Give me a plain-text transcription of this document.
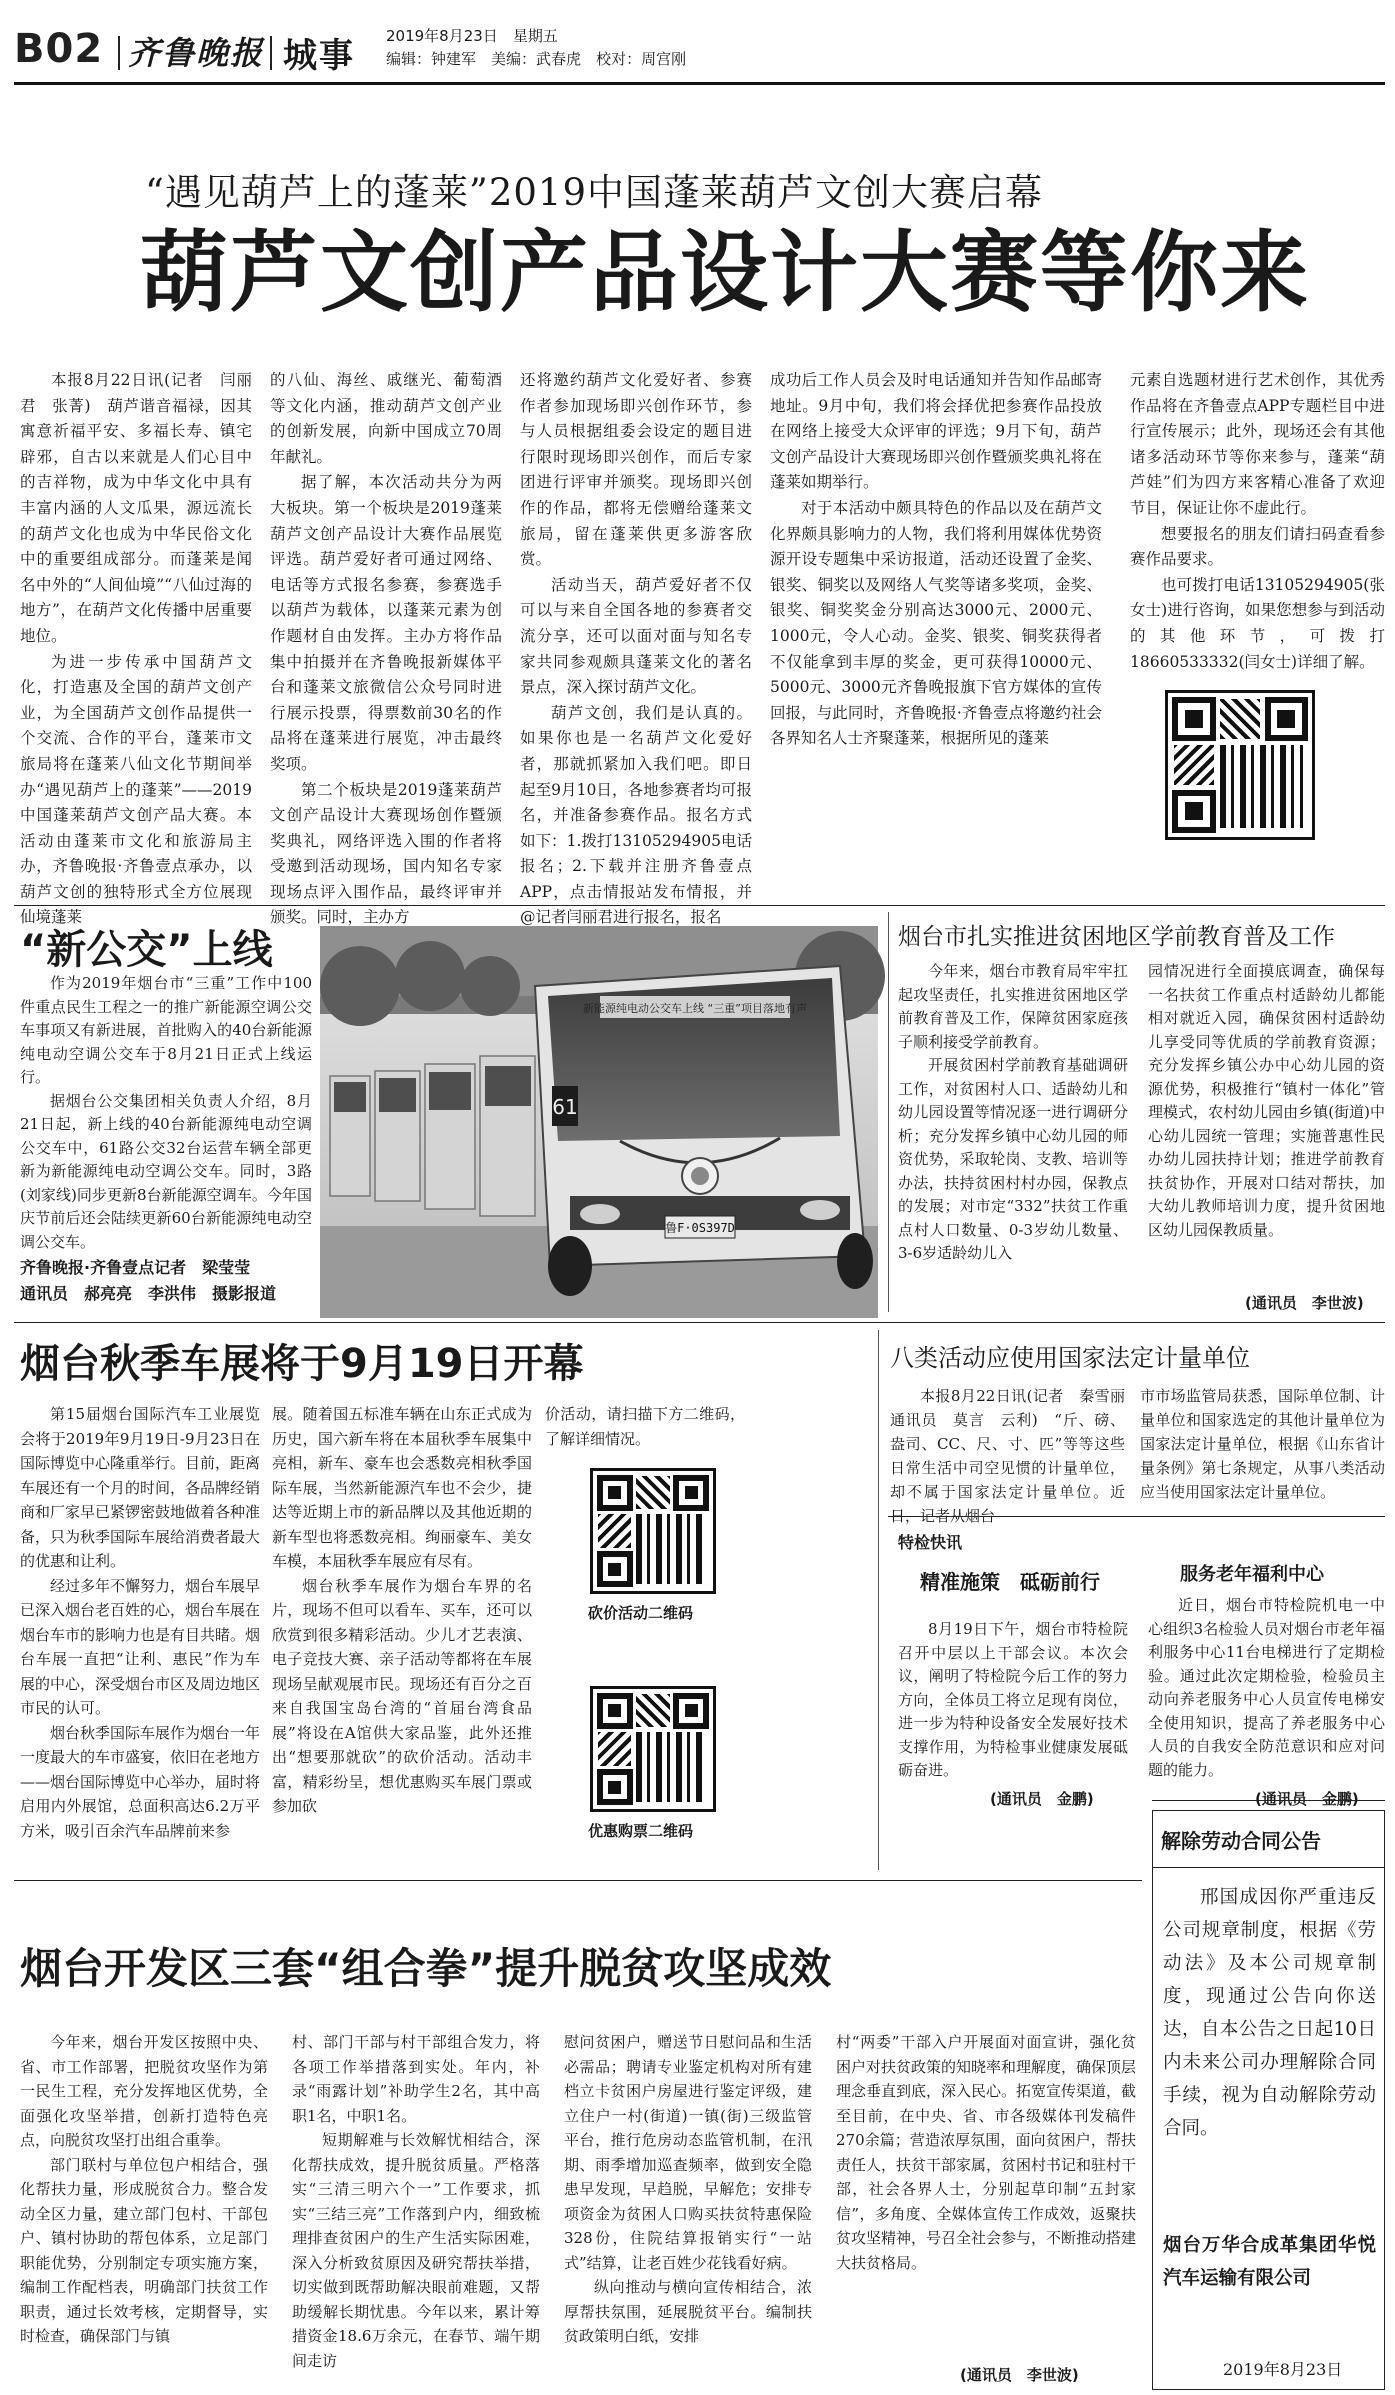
B02 齐鲁晚报 城事 2019年8月23日　 星期五
编辑：钟建军　 美编：武春虎　 校对：周宫刚
“遇见葫芦上的蓬莱”2019中国蓬莱葫芦文创大赛启幕
葫芦文创产品设计大赛等你来

本报8月22日讯(记者　闫丽君　张菁)　葫芦谐音福禄，因其寓意祈福平安、多福长寿、镇宅辟邪，自古以来就是人们心目中的吉祥物，成为中华文化中具有丰富内涵的人文瓜果，源远流长的葫芦文化也成为中华民俗文化中的重要组成部分。而蓬莱是闻名中外的“人间仙境”“八仙过海的地方”，在葫芦文化传播中居重要地位。

为进一步传承中国葫芦文化，打造惠及全国的葫芦文创产业，为全国葫芦文创作品提供一个交流、合作的平台，蓬莱市文旅局将在蓬莱八仙文化节期间举办“遇见葫芦上的蓬莱”——2019中国蓬莱葫芦文创产品大赛。本活动由蓬莱市文化和旅游局主办，齐鲁晚报·齐鲁壹点承办，以葫芦文创的独特形式全方位展现仙境蓬莱

的八仙、海丝、戚继光、葡萄酒等文化内涵，推动葫芦文创产业的创新发展，向新中国成立70周年献礼。

据了解，本次活动共分为两大板块。第一个板块是2019蓬莱葫芦文创产品设计大赛作品展览评选。葫芦爱好者可通过网络、电话等方式报名参赛，参赛选手以葫芦为载体，以蓬莱元素为创作题材自由发挥。主办方将作品集中拍摄并在齐鲁晚报新媒体平台和蓬莱文旅微信公众号同时进行展示投票，得票数前30名的作品将在蓬莱进行展览，冲击最终奖项。

第二个板块是2019蓬莱葫芦文创产品设计大赛现场创作暨颁奖典礼，网络评选入围的作者将受邀到活动现场，国内知名专家现场点评入围作品，最终评审并颁奖。同时，主办方

还将邀约葫芦文化爱好者、参赛作者参加现场即兴创作环节，参与人员根据组委会设定的题目进行限时现场即兴创作，而后专家团进行评审并颁奖。现场即兴创作的作品，都将无偿赠给蓬莱文旅局，留在蓬莱供更多游客欣赏。

活动当天，葫芦爱好者不仅可以与来自全国各地的参赛者交流分享，还可以面对面与知名专家共同参观颇具蓬莱文化的著名景点，深入探讨葫芦文化。

葫芦文创，我们是认真的。如果你也是一名葫芦文化爱好者，那就抓紧加入我们吧。即日起至9月10日，各地参赛者均可报名，并准备参赛作品。报名方式如下：1.拨打13105294905电话报名；2.下载并注册齐鲁壹点APP，点击情报站发布情报，并@记者闫丽君进行报名，报名

成功后工作人员会及时电话通知并告知作品邮寄地址。9月中旬，我们将会择优把参赛作品投放在网络上接受大众评审的评选；9月下旬，葫芦文创产品设计大赛现场即兴创作暨颁奖典礼将在蓬莱如期举行。

对于本活动中颇具特色的作品以及在葫芦文化界颇具影响力的人物，我们将利用媒体优势资源开设专题集中采访报道，活动还设置了金奖、银奖、铜奖以及网络人气奖等诸多奖项，金奖、银奖、铜奖奖金分别高达3000元、2000元、1000元，令人心动。金奖、银奖、铜奖获得者不仅能拿到丰厚的奖金，更可获得10000元、5000元、3000元齐鲁晚报旗下官方媒体的宣传回报，与此同时，齐鲁晚报·齐鲁壹点将邀约社会各界知名人士齐聚蓬莱，根据所见的蓬莱

元素自选题材进行艺术创作，其优秀作品将在齐鲁壹点APP专题栏目中进行宣传展示；此外，现场还会有其他诸多活动环节等你来参与，蓬莱“葫芦娃”们为四方来客精心准备了欢迎节目，保证让你不虚此行。

想要报名的朋友们请扫码查看参赛作品要求。

也可拨打电话13105294905(张女士)进行咨询，如果您想参与到活动的其他环节，可拨打18660533332(闫女士)详细了解。

“新公交”上线

作为2019年烟台市“三重”工作中100件重点民生工程之一的推广新能源空调公交车事项又有新进展，首批购入的40台新能源纯电动空调公交车于8月21日正式上线运行。

据烟台公交集团相关负责人介绍，8月21日起，新上线的40台新能源纯电动空调公交车中，61路公交32台运营车辆全部更新为新能源纯电动空调公交车。同时，3路(刘家线)同步更新8台新能源空调车。今年国庆节前后还会陆续更新60台新能源纯电动空调公交车。

齐鲁晚报·齐鲁壹点记者　梁莹莹
通讯员　郝亮亮　李洪伟　摄影报道
新能源纯电动公交车上线 “三重”项目落地有声
61
鲁F·0S397D
烟台市扎实推进贫困地区学前教育普及工作

今年来，烟台市教育局牢牢扛起攻坚责任，扎实推进贫困地区学前教育普及工作，保障贫困家庭孩子顺利接受学前教育。

开展贫困村学前教育基础调研工作，对贫困村人口、适龄幼儿和幼儿园设置等情况逐一进行调研分析；充分发挥乡镇中心幼儿园的师资优势，采取轮岗、支教、培训等办法，扶持贫困村村办园，保教点的发展；对市定“332”扶贫工作重点村人口数量、0-3岁幼儿数量、3-6岁适龄幼儿入

园情况进行全面摸底调查，确保每一名扶贫工作重点村适龄幼儿都能相对就近入园，确保贫困村适龄幼儿享受同等优质的学前教育资源；充分发挥乡镇公办中心幼儿园的资源优势，积极推行“镇村一体化”管理模式，农村幼儿园由乡镇(街道)中心幼儿园统一管理；实施普惠性民办幼儿园扶持计划；推进学前教育扶贫协作，开展对口结对帮扶，加大幼儿教师培训力度，提升贫困地区幼儿园保教质量。

(通讯员　李世波)
烟台秋季车展将于9月19日开幕

第15届烟台国际汽车工业展览会将于2019年9月19日-9月23日在国际博览中心隆重举行。目前，距离车展还有一个月的时间，各品牌经销商和厂家早已紧锣密鼓地做着各种准备，只为秋季国际车展给消费者最大的优惠和让利。

经过多年不懈努力，烟台车展早已深入烟台老百姓的心，烟台车展在烟台车市的影响力也是有目共睹。烟台车展一直把“让利、惠民”作为车展的中心，深受烟台市区及周边地区市民的认可。

烟台秋季国际车展作为烟台一年一度最大的车市盛宴，依旧在老地方——烟台国际博览中心举办，届时将启用内外展馆，总面积高达6.2万平方米，吸引百余汽车品牌前来参

展。随着国五标准车辆在山东正式成为历史，国六新车将在本届秋季车展集中亮相，新车、豪车也会悉数亮相秋季国际车展，当然新能源汽车也不会少，捷达等近期上市的新品牌以及其他近期的新车型也将悉数亮相。绚丽豪车、美女车模，本届秋季车展应有尽有。

烟台秋季车展作为烟台车界的名片，现场不但可以看车、买车，还可以欣赏到很多精彩活动。少儿才艺表演、电子竞技大赛、亲子活动等都将在车展现场呈献观展市民。现场还有百分之百来自我国宝岛台湾的“首届台湾食品展”将设在A馆供大家品鉴，此外还推出“想要那就砍”的砍价活动。活动丰富，精彩纷呈，想优惠购买车展门票或参加砍

价活动，请扫描下方二维码，了解详细情况。

砍价活动二维码
优惠购票二维码
八类活动应使用国家法定计量单位

本报8月22日讯(记者　秦雪丽　通讯员　莫言　云利)　“斤、磅、盎司、CC、尺、寸、匹”等等这些日常生活中司空见惯的计量单位，却不属于国家法定计量单位。近日，记者从烟台

市市场监管局获悉，国际单位制、计量单位和国家选定的其他计量单位为国家法定计量单位，根据《山东省计量条例》第七条规定，从事八类活动应当使用国家法定计量单位。

特检快讯
精准施策　砥砺前行

8月19日下午，烟台市特检院召开中层以上干部会议。本次会议，阐明了特检院今后工作的努力方向，全体员工将立足现有岗位，进一步为特种设备安全发展好技术支撑作用，为特检事业健康发展砥砺奋进。

(通讯员　金鹏)
服务老年福利中心

近日，烟台市特检院机电一中心组织3名检验人员对烟台市老年福利服务中心11台电梯进行了定期检验。通过此次定期检验，检验员主动向养老服务中心人员宣传电梯安全使用知识，提高了养老服务中心人员的自我安全防范意识和应对问题的能力。

(通讯员　金鹏)
烟台开发区三套“组合拳”提升脱贫攻坚成效

今年来，烟台开发区按照中央、省、市工作部署，把脱贫攻坚作为第一民生工程，充分发挥地区优势，全面强化攻坚举措，创新打造特色亮点，向脱贫攻坚打出组合重拳。

部门联村与单位包户相结合，强化帮扶力量，形成脱贫合力。整合发动全区力量，建立部门包村、干部包户、镇村协助的帮包体系，立足部门职能优势，分别制定专项实施方案，编制工作配档表，明确部门扶贫工作职责，通过长效考核，定期督导，实时检查，确保部门与镇

村、部门干部与村干部组合发力，将各项工作举措落到实处。年内，补录“雨露计划”补助学生2名，其中高职1名，中职1名。

短期解难与长效解忧相结合，深化帮扶成效，提升脱贫质量。严格落实“三清三明六个一”工作要求，抓实“三结三亮”工作落到户内，细致梳理排查贫困户的生产生活实际困难，深入分析致贫原因及研究帮扶举措，切实做到既帮助解决眼前难题，又帮助缓解长期忧患。今年以来，累计筹措资金18.6万余元，在春节、端午期间走访

慰问贫困户，赠送节日慰问品和生活必需品；聘请专业鉴定机构对所有建档立卡贫困户房屋进行鉴定评级，建立住户一村(街道)一镇(街)三级监管平台，推行危房动态监管机制，在汛期、雨季增加巡查频率，做到安全隐患早发现，早趋脱，早解危；安排专项资金为贫困人口购买扶贫特惠保险328份，住院结算报销实行“一站式”结算，让老百姓少花钱看好病。

纵向推动与横向宣传相结合，浓厚帮扶氛围，延展脱贫平台。编制扶贫政策明白纸，安排

村“两委”干部入户开展面对面宣讲，强化贫困户对扶贫政策的知晓率和理解度，确保顶层理念垂直到底，深入民心。拓宽宣传渠道，截至目前，在中央、省、市各级媒体刊发稿件270余篇；营造浓厚氛围，面向贫困户，帮扶责任人，扶贫干部家属，贫困村书记和驻村干部，社会各界人士，分别起草印制“五封家信”，多角度、全媒体宣传工作成效，返聚扶贫攻坚精神，号召全社会参与，不断推动搭建大扶贫格局。

(通讯员　李世波)
解除劳动合同公告

邢国成因你严重违反公司规章制度，根据《劳动法》及本公司规章制度，现通过公告向你送达，自本公告之日起10日内未来公司办理解除合同手续，视为自动解除劳动合同。

烟台万华合成革集团华悦汽车运输有限公司
2019年8月23日
